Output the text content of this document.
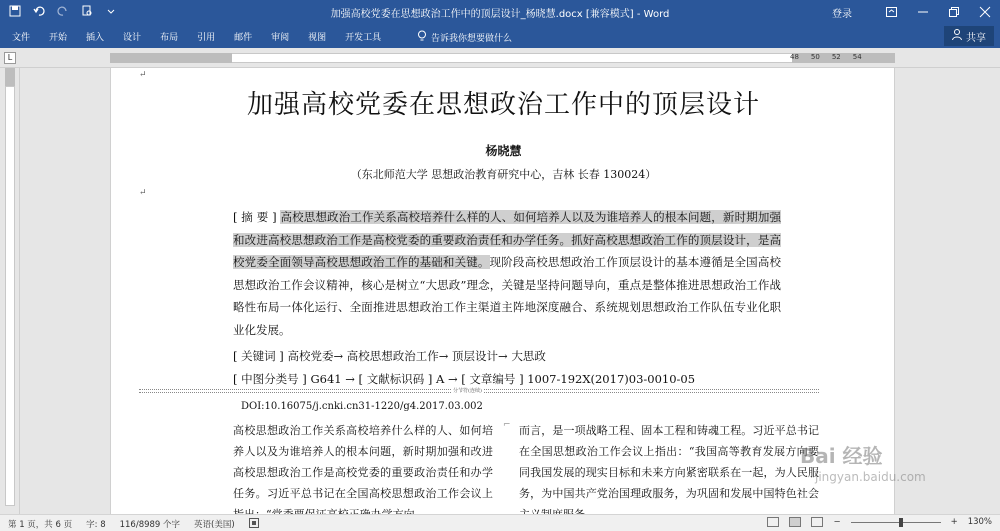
加强高校党委在思想政治工作中的顶层设计_杨晓慧.docx [兼容模式] - Word	登录
文件 开始 插入 设计 布局 引用 邮件 审阅 视图 开发工具	告诉我你想要做什么	共享
L	48 50 52 54
↵
加强高校党委在思想政治工作中的顶层设计
杨晓慧
（东北师范大学 思想政治教育研究中心，吉林 长春 130024）
↵
[ 摘 要 ] 高校思想政治工作关系高校培养什么样的人、如何培养人以及为谁培养人的根本问题，新时期加强和改进高校思想政治工作是高校党委的重要政治责任和办学任务。抓好高校思想政治工作的顶层设计，是高校党委全面领导高校思想政治工作的基础和关键。现阶段高校思想政治工作顶层设计的基本遵循是全国高校思想政治工作会议精神，核心是树立“大思政”理念，关键是坚持问题导向，重点是整体推进思想政治工作战略性布局一体化运行、全面推进思想政治工作主渠道主阵地深度融合、系统规划思想政治工作队伍专业化职业化发展。
[ 关键词 ] 高校党委→ 高校思想政治工作→ 顶层设计→ 大思政
[ 中图分类号 ] G641 → [ 文献标识码 ] A → [ 文章编号 ] 1007-192X(2017)03-0010-05
分节符(连续)
DOI:10.16075/j.cnki.cn31-1220/g4.2017.03.002
高校思想政治工作关系高校培养什么样的人、如何培养人以及为谁培养人的根本问题，新时期加强和改进高校思想政治工作是高校党委的重要政治责任和办学任务。习近平总书记在全国高校思想政治工作会议上
⌐ 而言，是一项战略工程、固本工程和铸魂工程。习近平总书记在全国思想政治工作会议上指出：“我国高等教育发展方向要同我国发展的现实目标和未来方向紧密联系在一起，为人民服务，为中国共产党治国理政服务，为巩固和发展中国特色社会
Bai 经验
jingyan.baidu.com
第 1 页，共 6 页 字: 8 116/8989 个字 英语(美国)	−	+ 130%
